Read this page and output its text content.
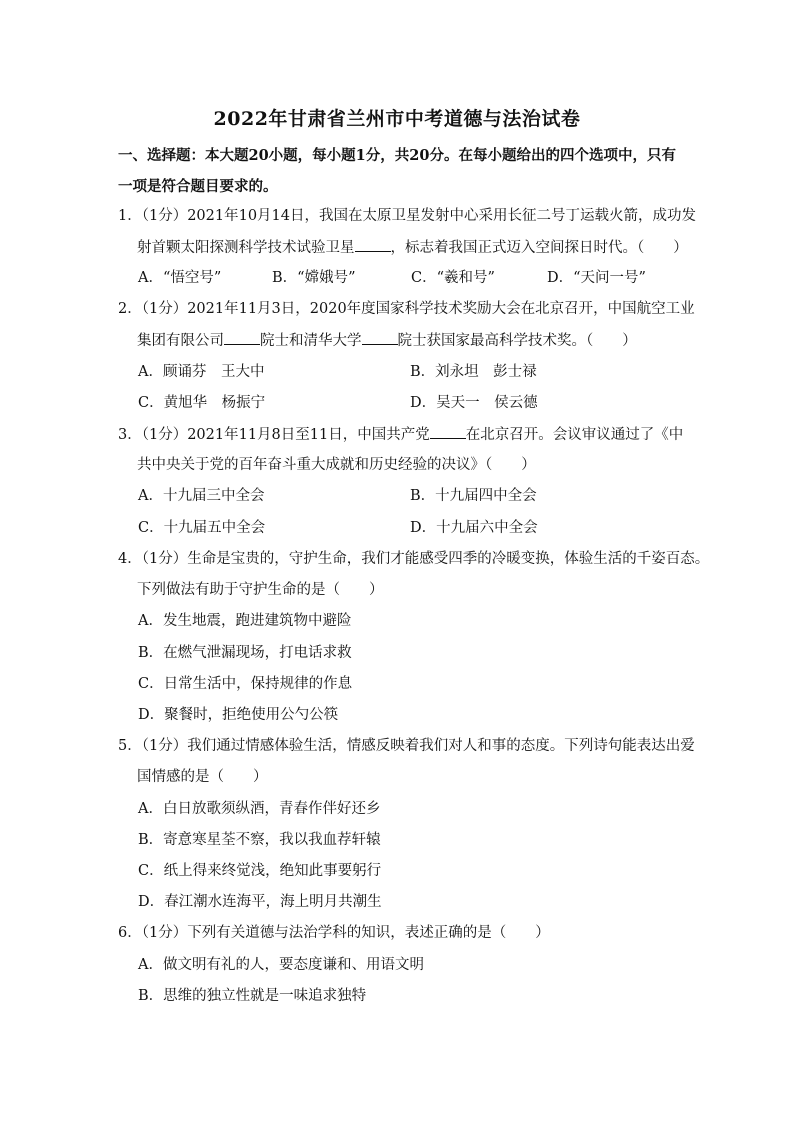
2022年甘肃省兰州市中考道德与法治试卷
一、选择题：本大题20小题，每小题1分，共20分。在每小题给出的四个选项中，只有
一项是符合题目要求的。
1．（1分）2021年10月14日，我国在太原卫星发射中心采用长征二号丁运载火箭，成功发
射首颗太阳探测科学技术试验卫星 ，标志着我国正式迈入空间探日时代。（　　）
A．“悟空号”	B．“嫦娥号”	C．“羲和号”	D．“天问一号”
2．（1分）2021年11月3日，2020年度国家科学技术奖励大会在北京召开，中国航空工业
集团有限公司 院士和清华大学 院士获国家最高科学技术奖。（　　）
A．顾诵芬　王大中	B．刘永坦　彭士禄
C．黄旭华　杨振宁	D．吴天一　侯云德
3．（1分）2021年11月8日至11日，中国共产党 在北京召开。会议审议通过了《中
共中央关于党的百年奋斗重大成就和历史经验的决议》（　　）
A．十九届三中全会	B．十九届四中全会
C．十九届五中全会	D．十九届六中全会
4．（1分）生命是宝贵的，守护生命，我们才能感受四季的冷暖变换，体验生活的千姿百态。
下列做法有助于守护生命的是（　　）
A．发生地震，跑进建筑物中避险
B．在燃气泄漏现场，打电话求救
C．日常生活中，保持规律的作息
D．聚餐时，拒绝使用公勺公筷
5．（1分）我们通过情感体验生活，情感反映着我们对人和事的态度。下列诗句能表达出爱
国情感的是（　　）
A．白日放歌须纵酒，青春作伴好还乡
B．寄意寒星荃不察，我以我血荐轩辕
C．纸上得来终觉浅，绝知此事要躬行
D．春江潮水连海平，海上明月共潮生
6．（1分）下列有关道德与法治学科的知识，表述正确的是（　　）
A．做文明有礼的人，要态度谦和、用语文明
B．思维的独立性就是一味追求独特
